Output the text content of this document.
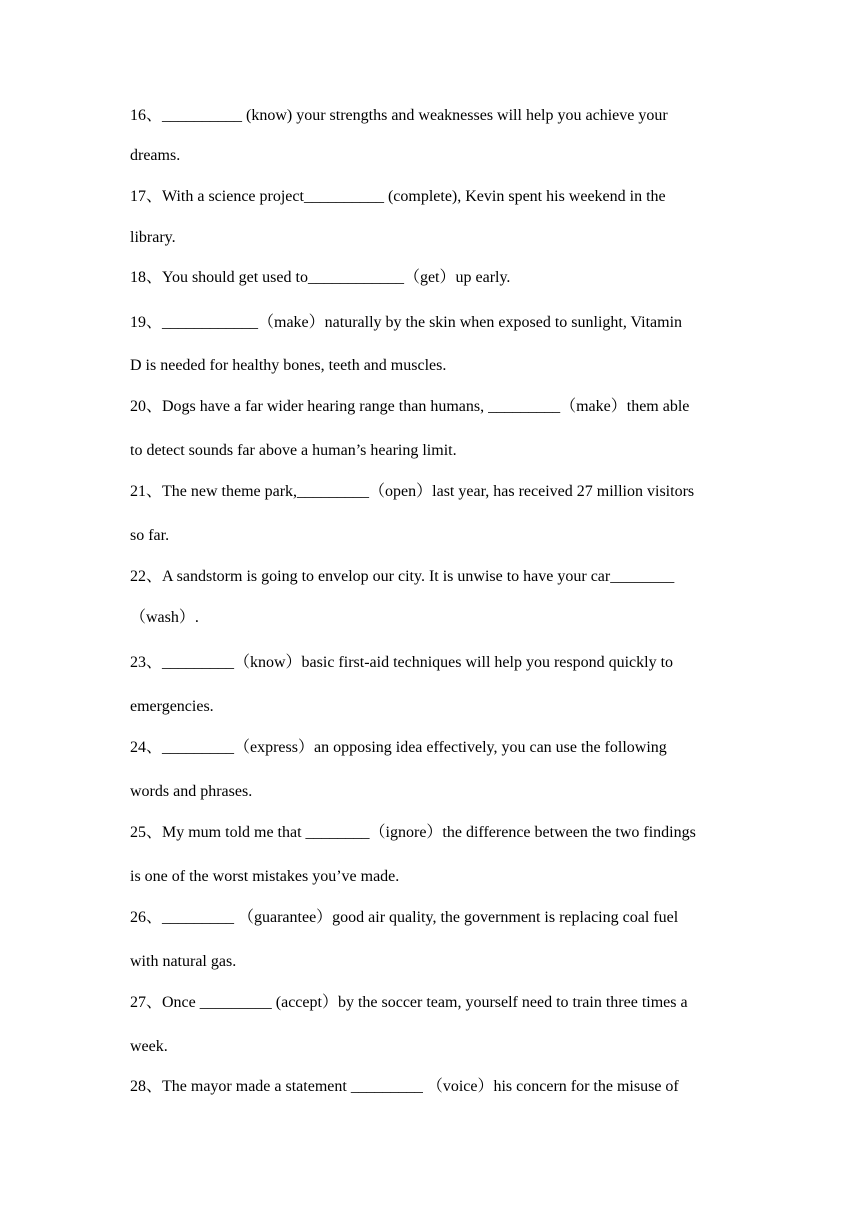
16、__________ (know) your strengths and weaknesses will help you achieve your
dreams.
17、With a science project__________ (complete), Kevin spent his weekend in the
library.
18、You should get used to____________（get）up early.
19、____________（make）naturally by the skin when exposed to sunlight, Vitamin
D is needed for healthy bones, teeth and muscles.
20、Dogs have a far wider hearing range than humans, _________（make）them able
to detect sounds far above a human’s hearing limit.
21、The new theme park,_________（open）last year, has received 27 million visitors
so far.
22、A sandstorm is going to envelop our city. It is unwise to have your car________
（wash）.
23、_________（know）basic first-aid techniques will help you respond quickly to
emergencies.
24、_________（express）an opposing idea effectively, you can use the following
words and phrases.
25、My mum told me that ________（ignore）the difference between the two findings
is one of the worst mistakes you’ve made.
26、_________ （guarantee）good air quality, the government is replacing coal fuel
with natural gas.
27、Once _________ (accept）by the soccer team, yourself need to train three times a
week.
28、The mayor made a statement _________ （voice）his concern for the misuse of
